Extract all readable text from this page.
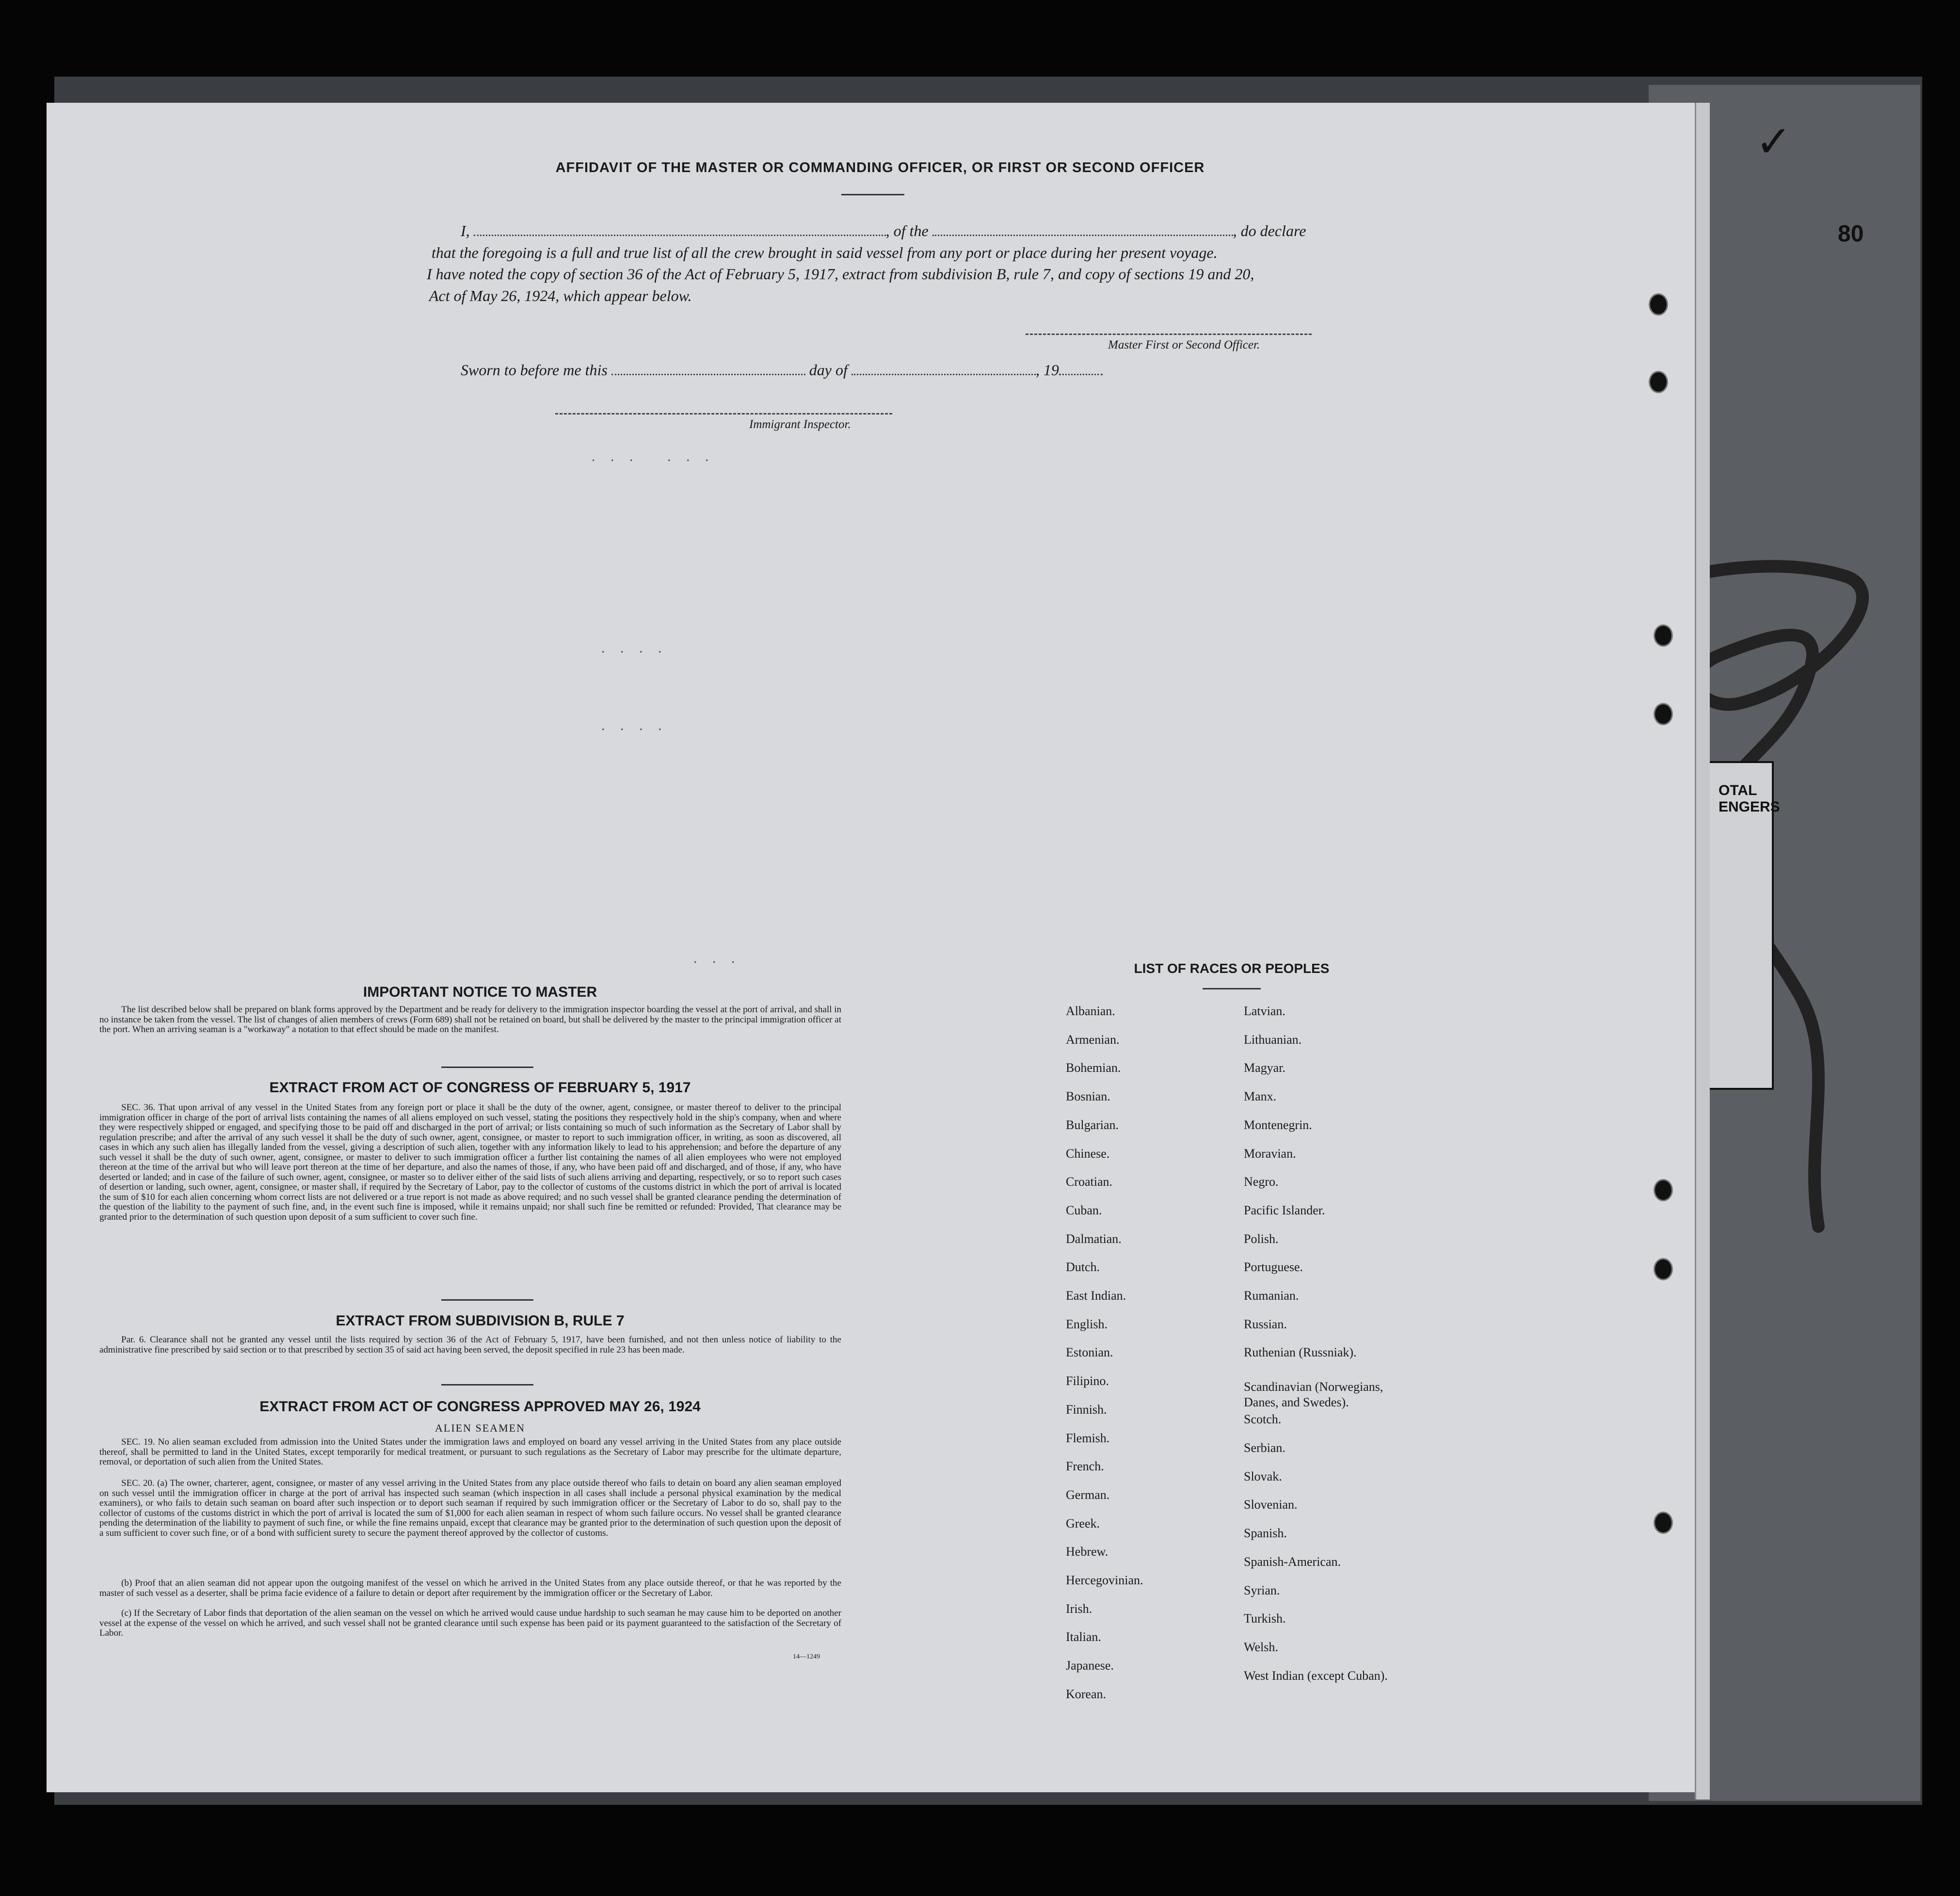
80
✓
OTAL
ENGERS
AFFIDAVIT OF THE MASTER OR COMMANDING OFFICER, OR FIRST OR SECOND OFFICER
I,	, of the	, do declare
that the foregoing is a full and true list of all the crew brought in said vessel from any port or place during her present voyage.
I have noted the copy of section 36 of the Act of February 5, 1917, extract from subdivision B, rule 7, and copy of sections 19 and 20,
Act of May 26, 1924, which appear below.
Master First or Second Officer.
Sworn to before me this	day of	, 19
Immigrant Inspector.
. . .   . . .
. . . .
. . . .
. . .
IMPORTANT NOTICE TO MASTER
The list described below shall be prepared on blank forms approved by the Department and be ready for delivery to the immigration inspector boarding the vessel at the port of arrival, and shall in no instance be taken from the vessel. The list of changes of alien members of crews (Form 689) shall not be retained on board, but shall be delivered by the master to the principal immigration officer at the port. When an arriving seaman is a "workaway" a notation to that effect should be made on the manifest.
EXTRACT FROM ACT OF CONGRESS OF FEBRUARY 5, 1917
SEC. 36. That upon arrival of any vessel in the United States from any foreign port or place it shall be the duty of the owner, agent, consignee, or master thereof to deliver to the principal immigration officer in charge of the port of arrival lists containing the names of all aliens employed on such vessel, stating the positions they respectively hold in the ship's company, when and where they were respectively shipped or engaged, and specifying those to be paid off and discharged in the port of arrival; or lists containing so much of such information as the Secretary of Labor shall by regulation prescribe; and after the arrival of any such vessel it shall be the duty of such owner, agent, consignee, or master to report to such immigration officer, in writing, as soon as discovered, all cases in which any such alien has illegally landed from the vessel, giving a description of such alien, together with any information likely to lead to his apprehension; and before the departure of any such vessel it shall be the duty of such owner, agent, consignee, or master to deliver to such immigration officer a further list containing the names of all alien employees who were not employed thereon at the time of the arrival but who will leave port thereon at the time of her departure, and also the names of those, if any, who have been paid off and discharged, and of those, if any, who have deserted or landed; and in case of the failure of such owner, agent, consignee, or master so to deliver either of the said lists of such aliens arriving and departing, respectively, or so to report such cases of desertion or landing, such owner, agent, consignee, or master shall, if required by the Secretary of Labor, pay to the collector of customs of the customs district in which the port of arrival is located the sum of $10 for each alien concerning whom correct lists are not delivered or a true report is not made as above required; and no such vessel shall be granted clearance pending the determination of the question of the liability to the payment of such fine, and, in the event such fine is imposed, while it remains unpaid; nor shall such fine be remitted or refunded: Provided, That clearance may be granted prior to the determination of such question upon deposit of a sum sufficient to cover such fine.
EXTRACT FROM SUBDIVISION B, RULE 7
Par. 6. Clearance shall not be granted any vessel until the lists required by section 36 of the Act of February 5, 1917, have been furnished, and not then unless notice of liability to the administrative fine prescribed by said section or to that prescribed by section 35 of said act having been served, the deposit specified in rule 23 has been made.
EXTRACT FROM ACT OF CONGRESS APPROVED MAY 26, 1924
ALIEN SEAMEN
SEC. 19. No alien seaman excluded from admission into the United States under the immigration laws and employed on board any vessel arriving in the United States from any place outside thereof, shall be permitted to land in the United States, except temporarily for medical treatment, or pursuant to such regulations as the Secretary of Labor may prescribe for the ultimate departure, removal, or deportation of such alien from the United States.
SEC. 20. (a) The owner, charterer, agent, consignee, or master of any vessel arriving in the United States from any place outside thereof who fails to detain on board any alien seaman employed on such vessel until the immigration officer in charge at the port of arrival has inspected such seaman (which inspection in all cases shall include a personal physical examination by the medical examiners), or who fails to detain such seaman on board after such inspection or to deport such seaman if required by such immigration officer or the Secretary of Labor to do so, shall pay to the collector of customs of the customs district in which the port of arrival is located the sum of $1,000 for each alien seaman in respect of whom such failure occurs. No vessel shall be granted clearance pending the determination of the liability to payment of such fine, or while the fine remains unpaid, except that clearance may be granted prior to the determination of such question upon the deposit of a sum sufficient to cover such fine, or of a bond with sufficient surety to secure the payment thereof approved by the collector of customs.
(b) Proof that an alien seaman did not appear upon the outgoing manifest of the vessel on which he arrived in the United States from any place outside thereof, or that he was reported by the master of such vessel as a deserter, shall be prima facie evidence of a failure to detain or deport after requirement by the immigration officer or the Secretary of Labor.
(c) If the Secretary of Labor finds that deportation of the alien seaman on the vessel on which he arrived would cause undue hardship to such seaman he may cause him to be deported on another vessel at the expense of the vessel on which he arrived, and such vessel shall not be granted clearance until such expense has been paid or its payment guaranteed to the satisfaction of the Secretary of Labor.
14—1249
LIST OF RACES OR PEOPLES
Albanian.
Armenian.
Bohemian.
Bosnian.
Bulgarian.
Chinese.
Croatian.
Cuban.
Dalmatian.
Dutch.
East Indian.
English.
Estonian.
Filipino.
Finnish.
Flemish.
French.
German.
Greek.
Hebrew.
Hercegovinian.
Irish.
Italian.
Japanese.
Korean.
Latvian.
Lithuanian.
Magyar.
Manx.
Montenegrin.
Moravian.
Negro.
Pacific Islander.
Polish.
Portuguese.
Rumanian.
Russian.
Ruthenian (Russniak).
Scandinavian (Norwegians,
Danes, and Swedes).
Scotch.
Serbian.
Slovak.
Slovenian.
Spanish.
Spanish-American.
Syrian.
Turkish.
Welsh.
West Indian (except Cuban).
